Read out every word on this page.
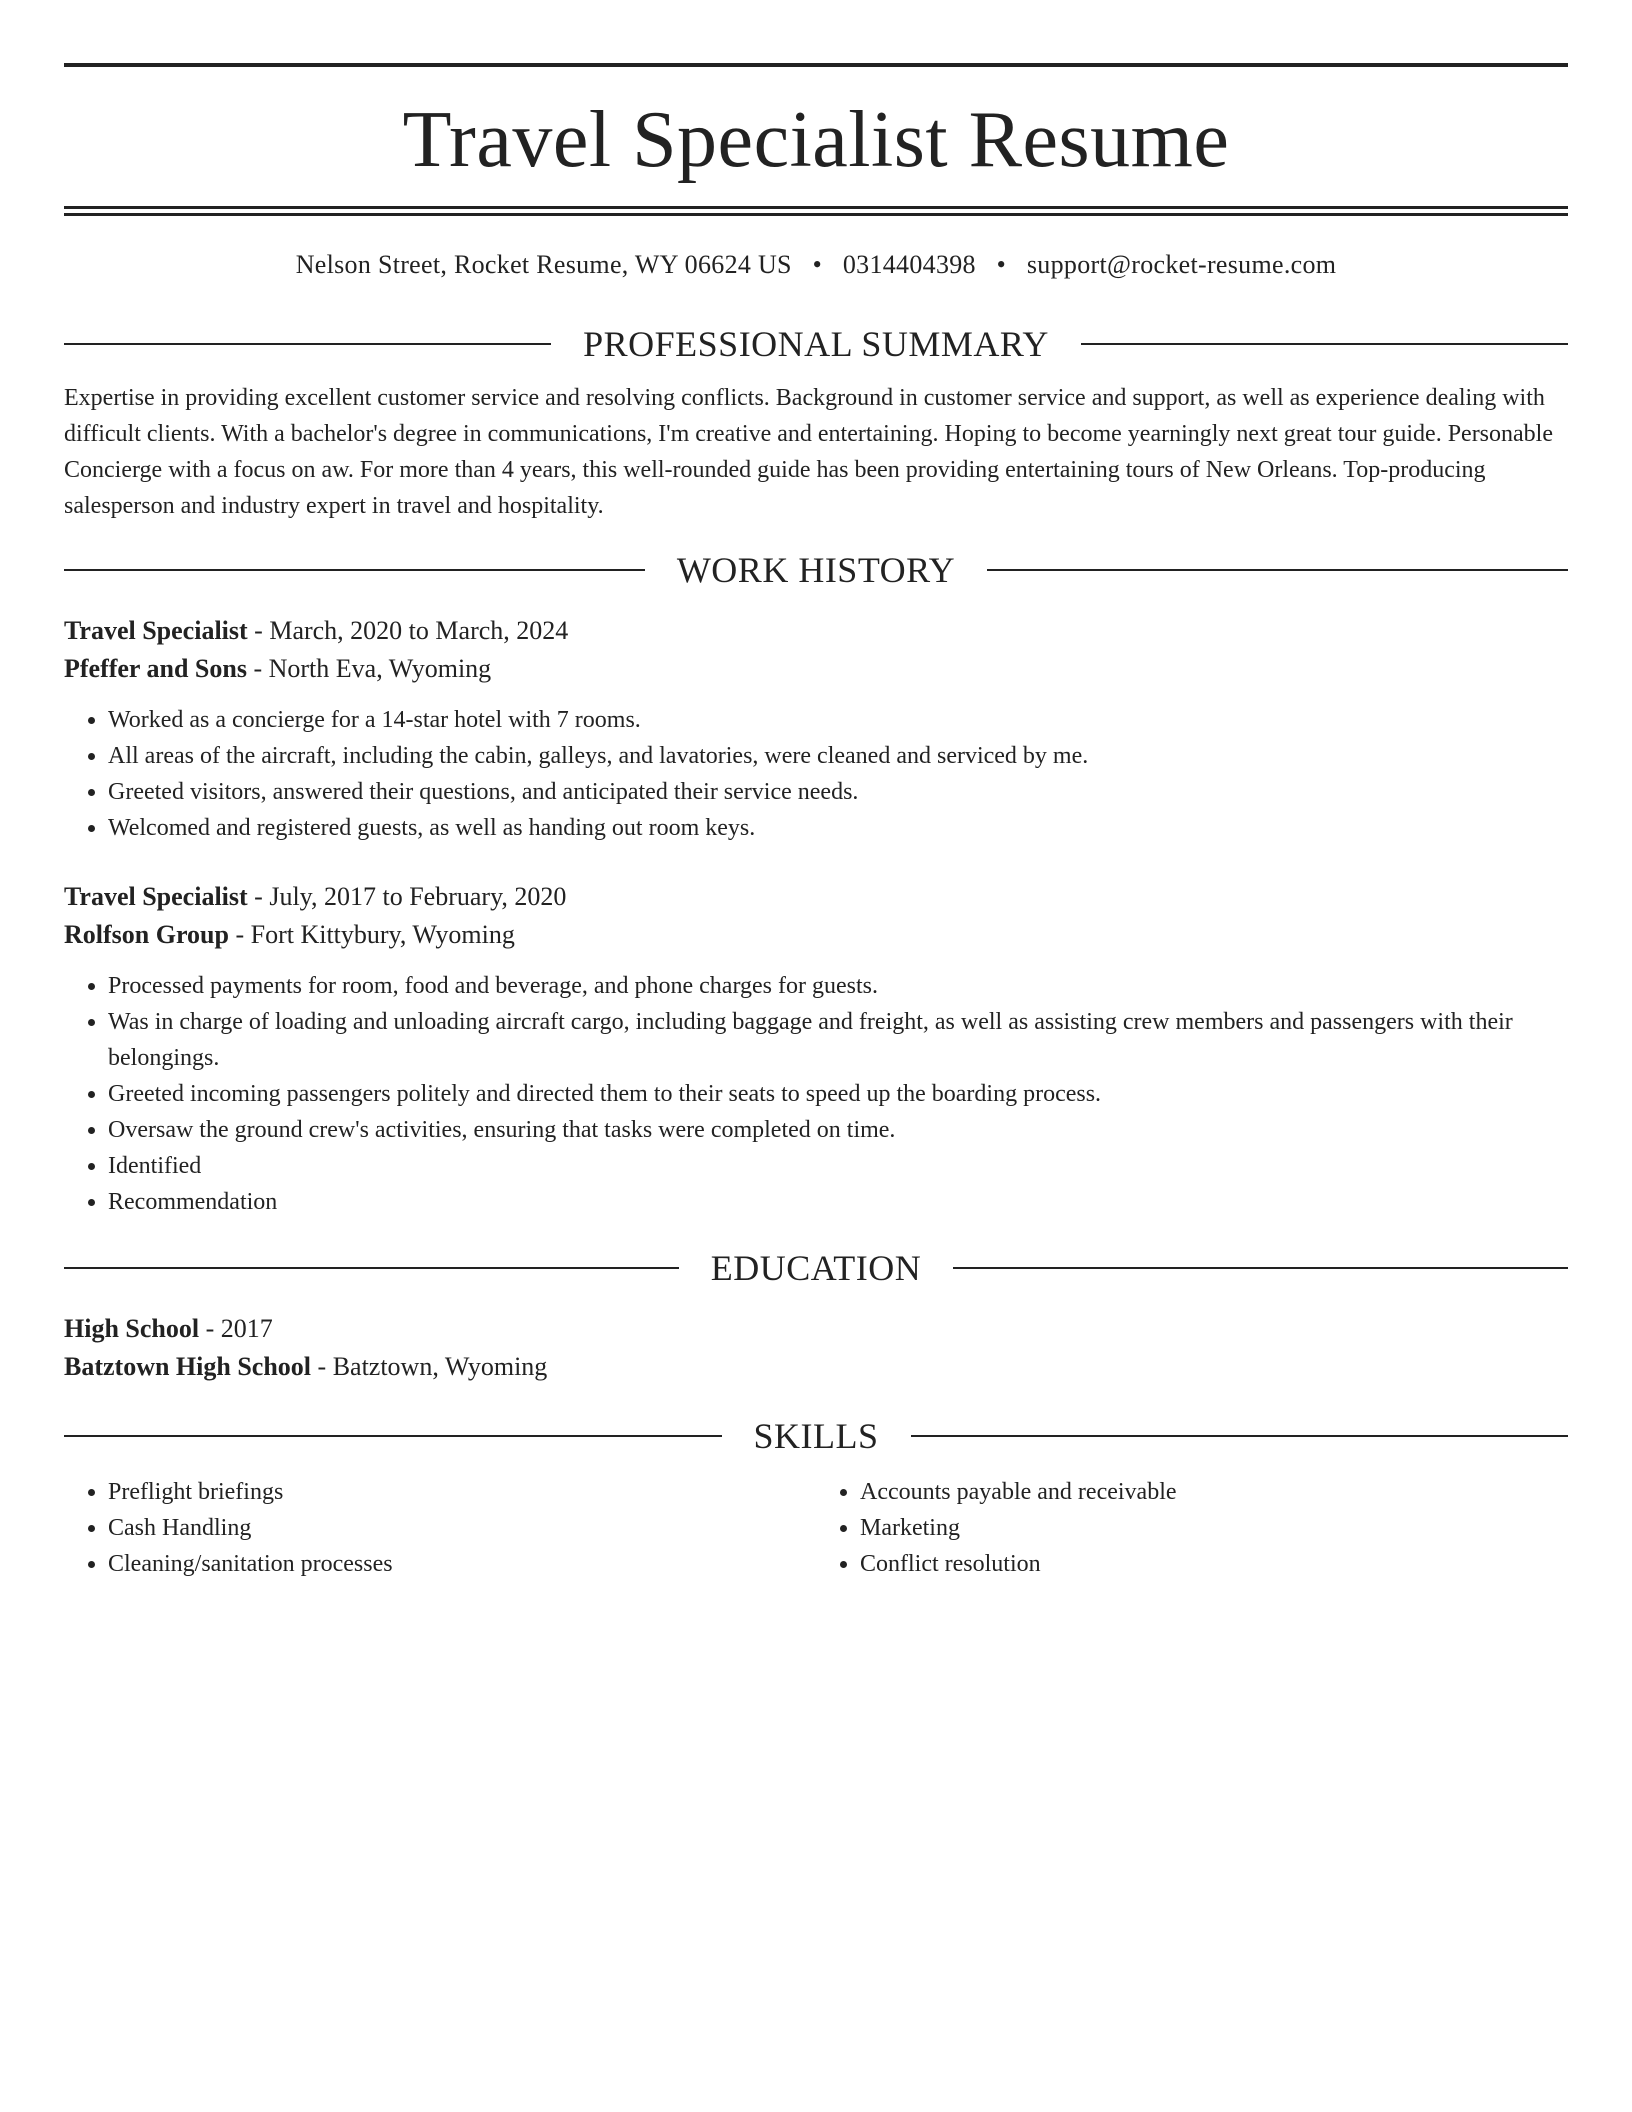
Travel Specialist Resume
Nelson Street, Rocket Resume, WY 06624 US • 0314404398 • support@rocket-resume.com
PROFESSIONAL SUMMARY

Expertise in providing excellent customer service and resolving conflicts. Background in customer service and support, as well as experience dealing with difficult clients. With a bachelor's degree in communications, I'm creative and entertaining. Hoping to become yearningly next great tour guide. Personable Concierge with a focus on aw. For more than 4 years, this well-rounded guide has been providing entertaining tours of New Orleans. Top-producing salesperson and industry expert in travel and hospitality.

WORK HISTORY

Travel Specialist - March, 2020 to March, 2024

Pfeffer and Sons - North Eva, Wyoming

• Worked as a concierge for a 14-star hotel with 7 rooms.
• All areas of the aircraft, including the cabin, galleys, and lavatories, were cleaned and serviced by me.
• Greeted visitors, answered their questions, and anticipated their service needs.
• Welcomed and registered guests, as well as handing out room keys.

Travel Specialist - July, 2017 to February, 2020

Rolfson Group - Fort Kittybury, Wyoming

• Processed payments for room, food and beverage, and phone charges for guests.
• Was in charge of loading and unloading aircraft cargo, including baggage and freight, as well as assisting crew members and passengers with their belongings.
• Greeted incoming passengers politely and directed them to their seats to speed up the boarding process.
• Oversaw the ground crew's activities, ensuring that tasks were completed on time.
• Identified
• Recommendation
EDUCATION

High School - 2017

Batztown High School - Batztown, Wyoming

SKILLS
• Preflight briefings
• Cash Handling
• Cleaning/sanitation processes
• Accounts payable and receivable
• Marketing
• Conflict resolution
